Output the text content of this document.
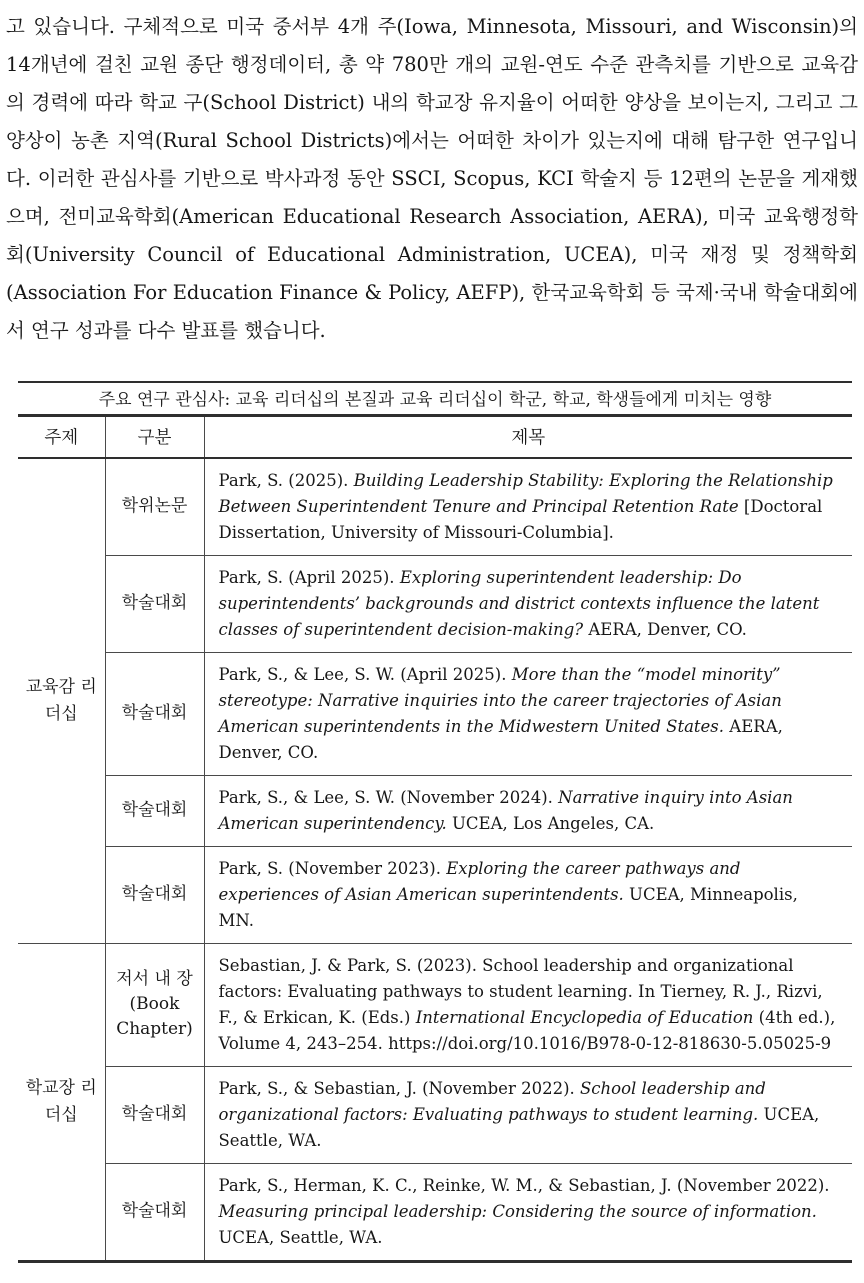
고 있습니다. 구체적으로 미국 중서부 4개 주(Iowa, Minnesota, Missouri, and Wisconsin)의 14개년에 걸친 교원 종단 행정데이터, 총 약 780만 개의 교원-연도 수준 관측치를 기반으로 교육감의 경력에 따라 학교 구(School District) 내의 학교장 유지율이 어떠한 양상을 보이는지, 그리고 그 양상이 농촌 지역(Rural School Districts)에서는 어떠한 차이가 있는지에 대해 탐구한 연구입니다. 이러한 관심사를 기반으로 박사과정 동안 SSCI, Scopus, KCI 학술지 등 12편의 논문을 게재했으며, 전미교육학회(American Educational Research Association, AERA), 미국 교육행정학회(University Council of Educational Administration, UCEA), 미국 재정 및 정책학회(Association For Education Finance & Policy, AEFP), 한국교육학회 등 국제·국내 학술대회에서 연구 성과를 다수 발표를 했습니다.

주요 연구 관심사: 교육 리더십의 본질과 교육 리더십이 학군, 학교, 학생들에게 미치는 영향		
주제	구분	제목
교육감 리더십	학위논문	Park, S. (2025). Building Leadership Stability: Exploring the Relationship Between Superintendent Tenure and Principal Retention Rate [Doctoral Dissertation, University of Missouri-Columbia].
	학술대회	Park, S. (April 2025). Exploring superintendent leadership: Do superintendents’ backgrounds and district contexts influence the latent classes of superintendent decision-making? AERA, Denver, CO.
	학술대회	Park, S., & Lee, S. W. (April 2025). More than the “model minority” stereotype: Narrative inquiries into the career trajectories of Asian American superintendents in the Midwestern United States. AERA, Denver, CO.
	학술대회	Park, S., & Lee, S. W. (November 2024). Narrative inquiry into Asian American superintendency. UCEA, Los Angeles, CA.
	학술대회	Park, S. (November 2023). Exploring the career pathways and experiences of Asian American superintendents. UCEA, Minneapolis, MN.
학교장 리더십	저서 내 장 (Book Chapter)	Sebastian, J. & Park, S. (2023). School leadership and organizational factors: Evaluating pathways to student learning. In Tierney, R. J., Rizvi, F., & Erkican, K. (Eds.) International Encyclopedia of Education (4th ed.), Volume 4, 243–254. https://doi.org/10.1016/B978-0-12-818630-5.05025-9
	학술대회	Park, S., & Sebastian, J. (November 2022). School leadership and organizational factors: Evaluating pathways to student learning. UCEA, Seattle, WA.
	학술대회	Park, S., Herman, K. C., Reinke, W. M., & Sebastian, J. (November 2022). Measuring principal leadership: Considering the source of information. UCEA, Seattle, WA.
